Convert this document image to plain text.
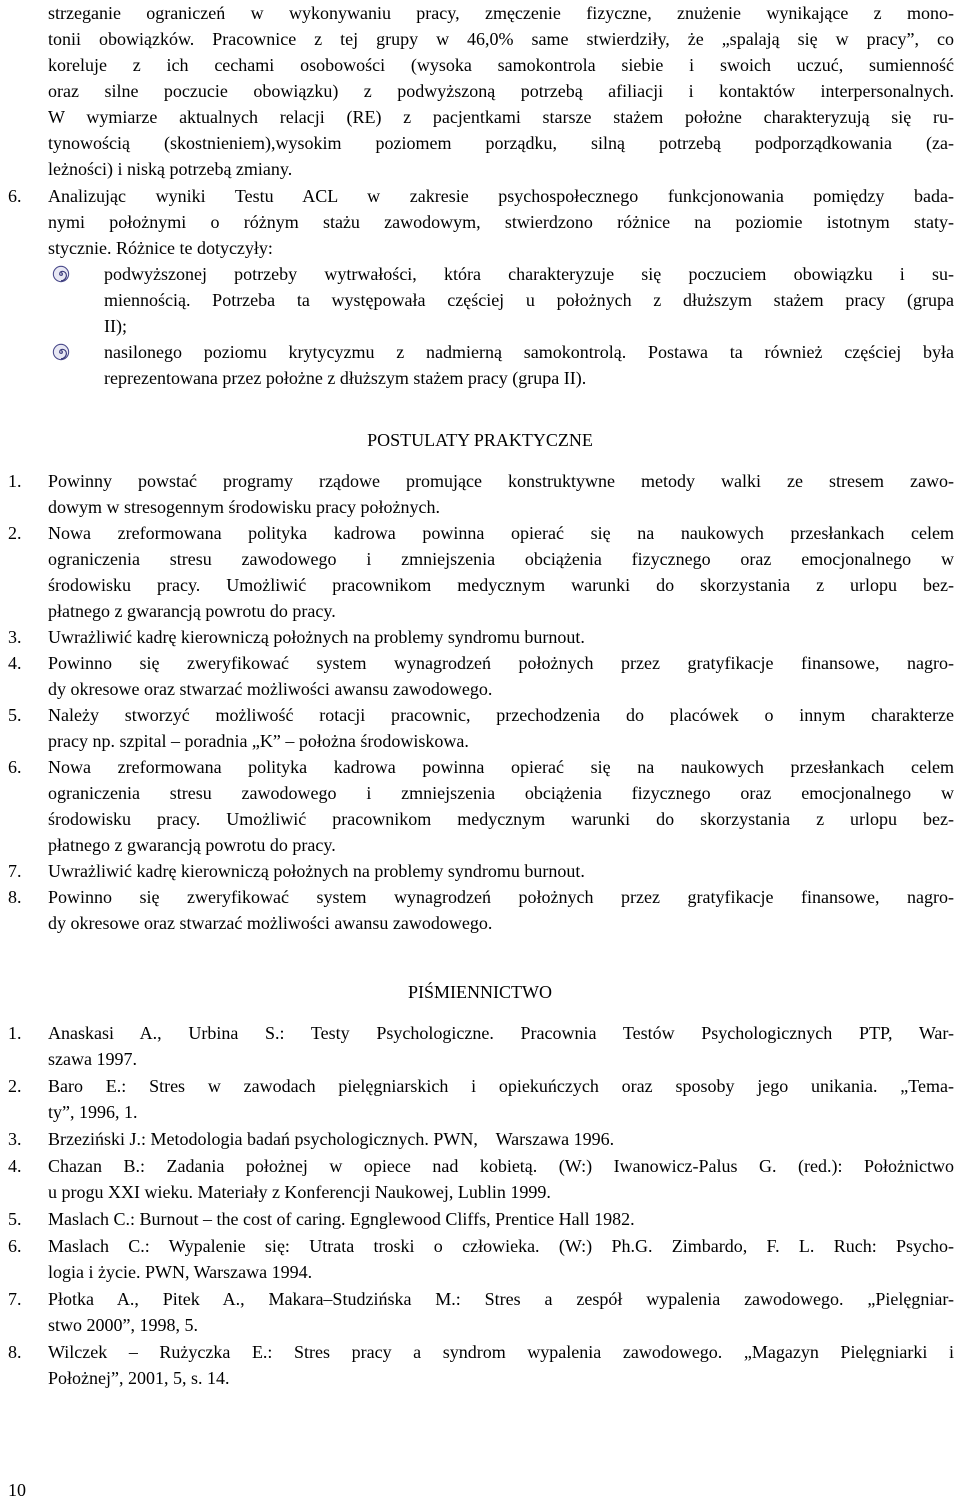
strzeganie ograniczeń w wykonywaniu pracy, zmęczenie fizyczne, znużenie wynikające z mono-
tonii obowiązków. Pracownice z tej grupy w 46,0% same stwierdziły, że „spalają się w pracy”, co
koreluje z ich cechami osobowości (wysoka samokontrola siebie i swoich uczuć, sumienność
oraz silne poczucie obowiązku) z podwyższoną potrzebą afiliacji i kontaktów interpersonalnych.
W wymiarze aktualnych relacji (RE) z pacjentkami starsze stażem położne charakteryzują się ru-
tynowością (skostnieniem),wysokim poziomem porządku, silną potrzebą podporządkowania (za-
leżności) i niską potrzebą zmiany.
6. Analizując wyniki Testu ACL w zakresie psychospołecznego funkcjonowania pomiędzy bada-
nymi położnymi o różnym stażu zawodowym, stwierdzono różnice na poziomie istotnym staty-
stycznie. Różnice te dotyczyły:
podwyższonej potrzeby wytrwałości, która charakteryzuje się poczuciem obowiązku i su-
miennością. Potrzeba ta występowała częściej u położnych z dłuższym stażem pracy (grupa
II);
nasilonego poziomu krytycyzmu z nadmierną samokontrolą. Postawa ta również częściej była
reprezentowana przez położne z dłuższym stażem pracy (grupa II).
POSTULATY PRAKTYCZNE
1. Powinny powstać programy rządowe promujące konstruktywne metody walki ze stresem zawo-
dowym w stresogennym środowisku pracy położnych.
2. Nowa zreformowana polityka kadrowa powinna opierać się na naukowych przesłankach celem
ograniczenia stresu zawodowego i zmniejszenia obciążenia fizycznego oraz emocjonalnego w
środowisku pracy. Umożliwić pracownikom medycznym warunki do skorzystania z urlopu bez-
płatnego z gwarancją powrotu do pracy.
3. Uwrażliwić kadrę kierowniczą położnych na problemy syndromu burnout.
4. Powinno się zweryfikować system wynagrodzeń położnych przez gratyfikacje finansowe, nagro-
dy okresowe oraz stwarzać możliwości awansu zawodowego.
5. Należy stworzyć możliwość rotacji pracownic, przechodzenia do placówek o innym charakterze
pracy np. szpital – poradnia „K” – położna środowiskowa.
6. Nowa zreformowana polityka kadrowa powinna opierać się na naukowych przesłankach celem
ograniczenia stresu zawodowego i zmniejszenia obciążenia fizycznego oraz emocjonalnego w
środowisku pracy. Umożliwić pracownikom medycznym warunki do skorzystania z urlopu bez-
płatnego z gwarancją powrotu do pracy.
7. Uwrażliwić kadrę kierowniczą położnych na problemy syndromu burnout.
8. Powinno się zweryfikować system wynagrodzeń położnych przez gratyfikacje finansowe, nagro-
dy okresowe oraz stwarzać możliwości awansu zawodowego.
PIŚMIENNICTWO
1. Anaskasi A., Urbina S.: Testy Psychologiczne. Pracownia Testów Psychologicznych PTP, War-
szawa 1997.
2. Baro E.: Stres w zawodach pielęgniarskich i opiekuńczych oraz sposoby jego unikania. „Tema-
ty”, 1996, 1.
3. Brzeziński J.: Metodologia badań psychologicznych. PWN,    Warszawa 1996.
4. Chazan B.: Zadania położnej w opiece nad kobietą. (W:) Iwanowicz-Palus G. (red.): Położnictwo
u progu XXI wieku. Materiały z Konferencji Naukowej, Lublin 1999.
5. Maslach C.: Burnout – the cost of caring. Egnglewood Cliffs, Prentice Hall 1982.
6. Maslach C.: Wypalenie się: Utrata troski o człowieka. (W:) Ph.G. Zimbardo, F. L. Ruch: Psycho-
logia i życie. PWN, Warszawa 1994.
7. Płotka A., Pitek A., Makara–Studzińska M.: Stres a zespół wypalenia zawodowego. „Pielęgniar-
stwo 2000”, 1998, 5.
8. Wilczek – Rużyczka E.: Stres pracy a syndrom wypalenia zawodowego. „Magazyn Pielęgniarki i
Położnej”, 2001, 5, s. 14.
10
